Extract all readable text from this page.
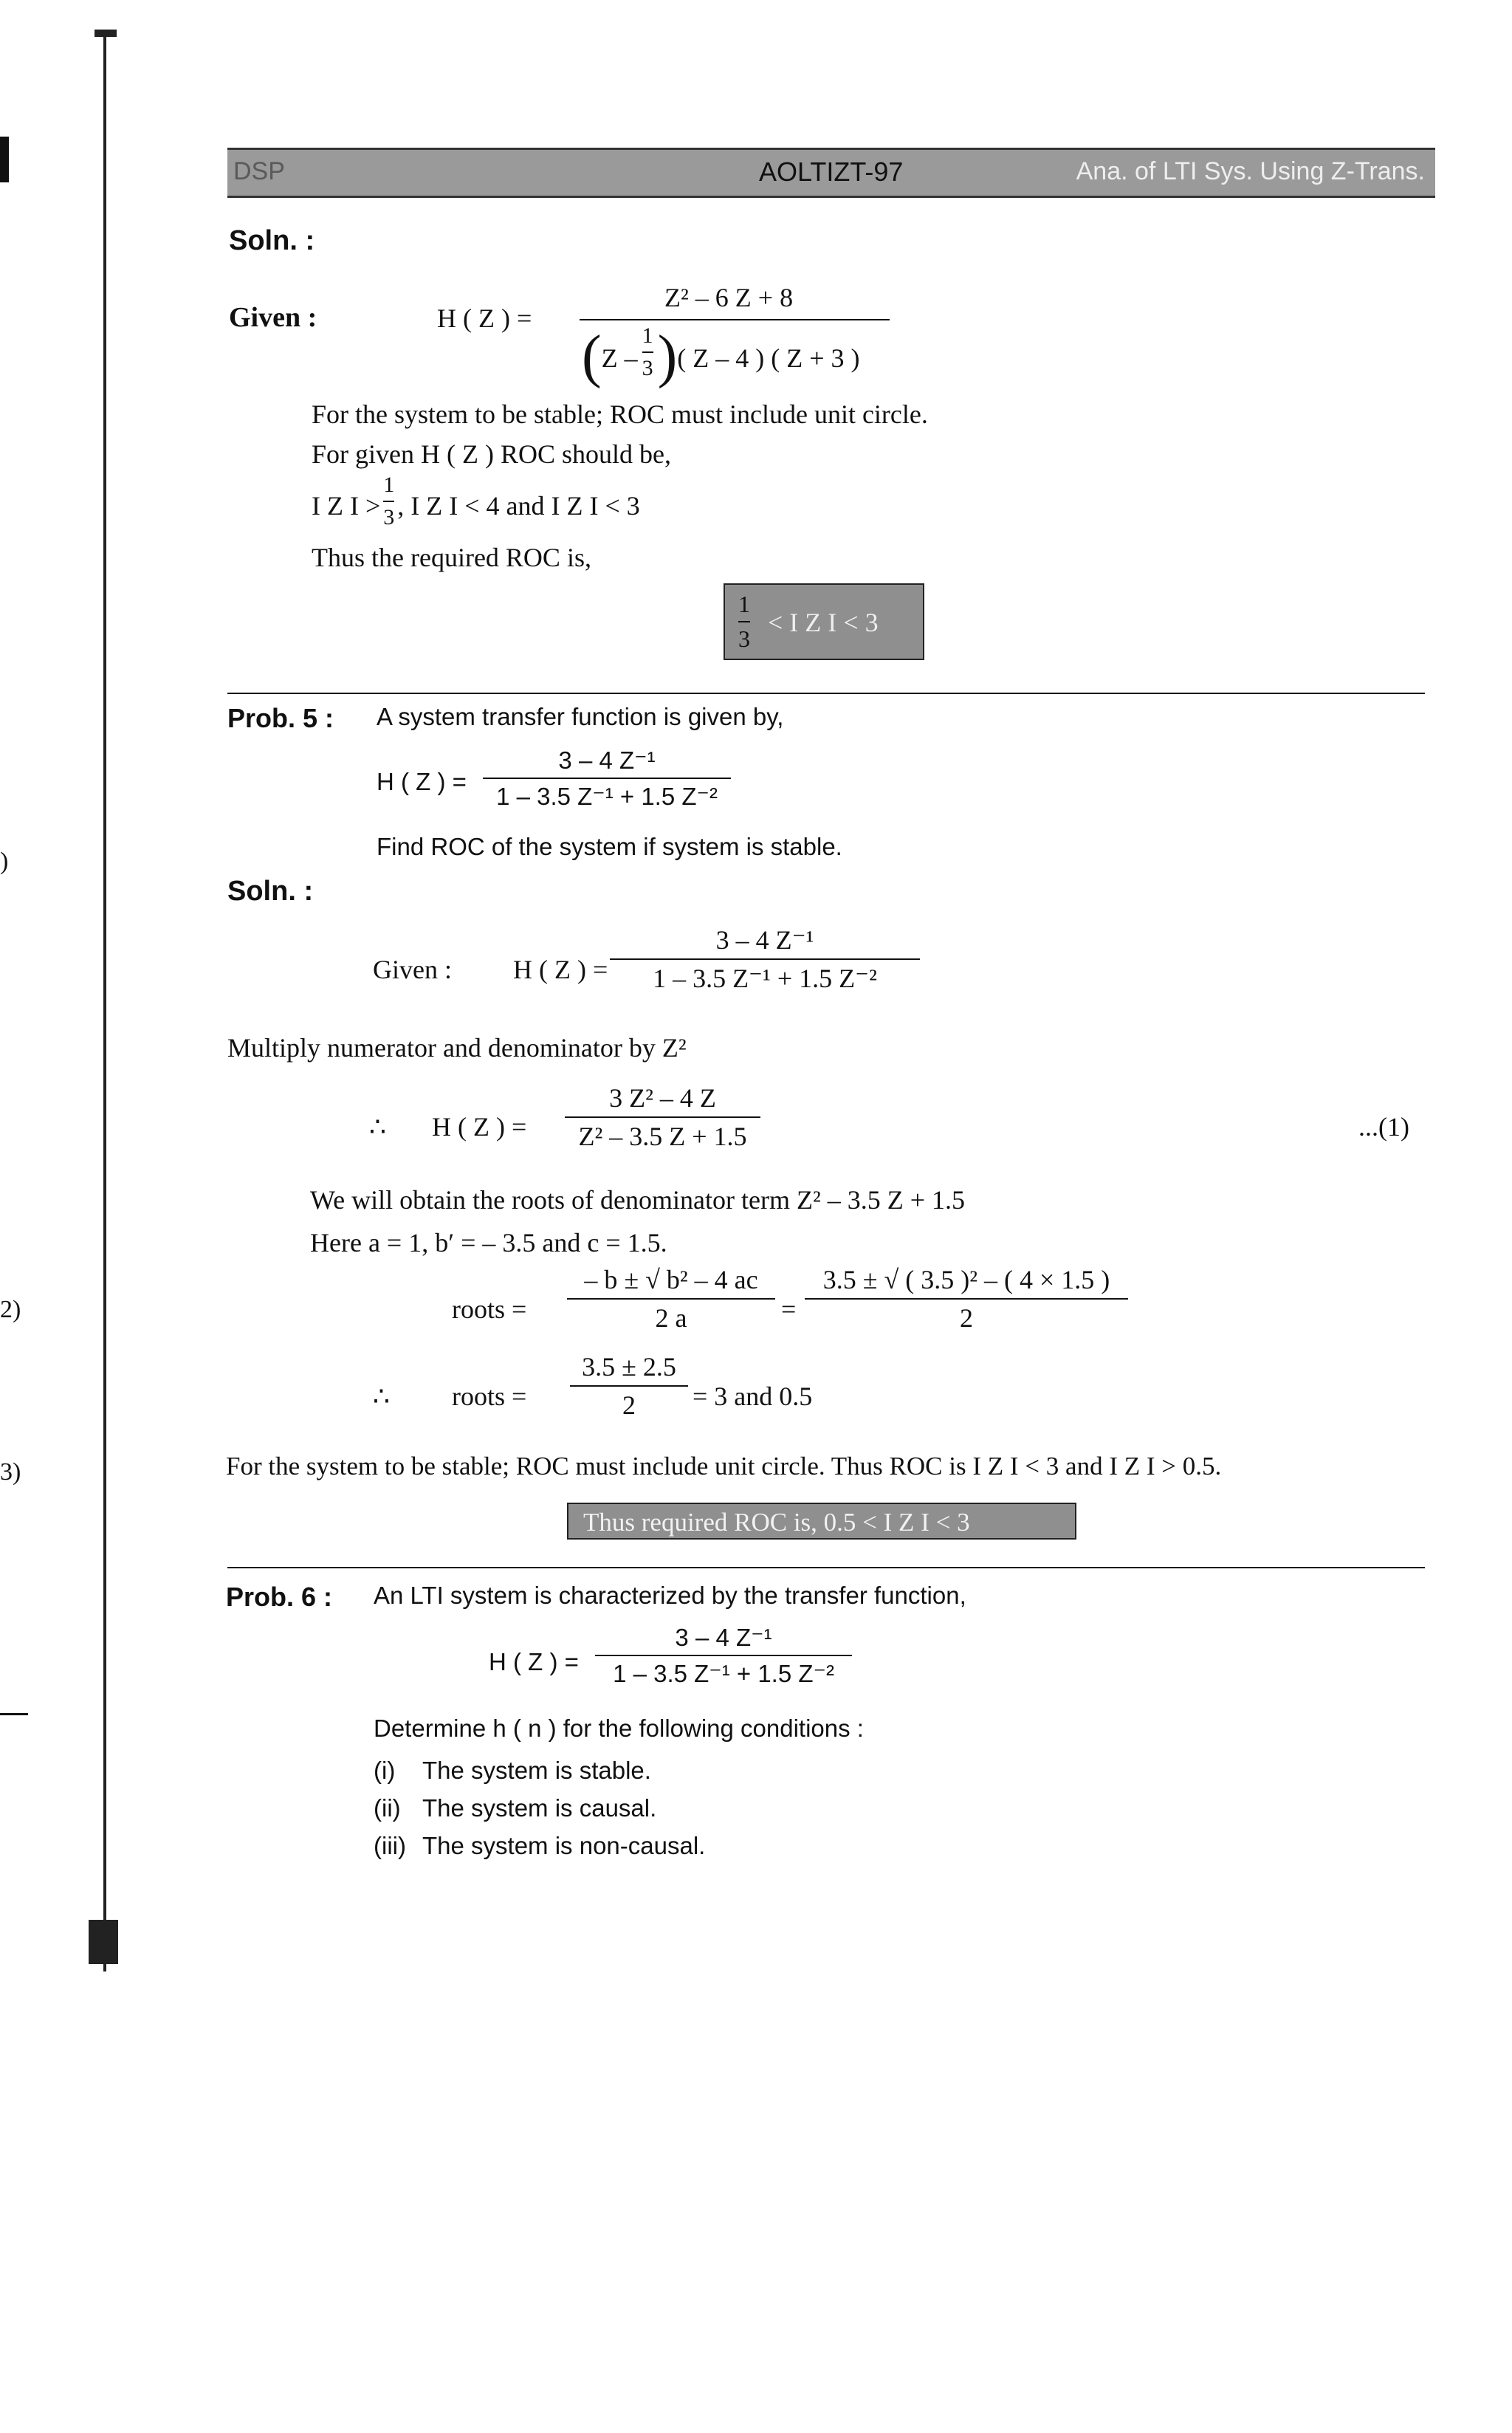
)
2)
3)
DSP	AOLTIZT-97	Ana. of LTI Sys. Using Z-Trans.
Soln. :
Given :	H ( Z ) =
Z² – 6 Z + 8
($Z - \frac{1}{3}$ )( Z – 4 ) ( Z + 3 )
For the system to be stable; ROC must include unit circle.
For given H ( Z ) ROC should be,
I Z $I > \frac{1}{3}$ , I Z I < 4 and I Z I < 3
Thus the required ROC is,
$\frac{1}{3} < I$ Z I < 3
Prob. 5 : A system transfer function is given by,
H ( Z ) = $\frac{\text{3 – 4 Z⁻¹}}{\text{1 – 3.5 Z⁻¹ + 1.5 Z⁻²}}$
Find ROC of the system if system is stable.
Soln. :
Given : H ( Z ) = $\frac{\text{3 – 4 Z⁻¹}}{\text{1 – 3.5 Z⁻¹ + 1.5 Z⁻²}}$
Multiply numerator and denominator by Z²
∴ H ( Z ) = $\frac{\text{3 Z² – 4 Z}}{\text{Z² – 3.5 Z + 1.5}}$	...(1)
We will obtain the roots of denominator term Z² – 3.5 Z + 1.5
Here a = 1, b′ = – 3.5 and c = 1.5.
roots = $\frac{\text{– b ± √ b² – 4 ac}}{2 a} = \frac{\text{3.5 ± √ ( 3.5 )² – ( 4 × 1.5 )}}{2}$
∴ roots = $\frac{3.5 \pm 2.5}{2} = 3$ and 0.5
For the system to be stable; ROC must include unit circle. Thus ROC is I Z I < 3 and I Z I > 0.5.
Thus required ROC is, 0.5 < I Z I < 3
Prob. 6 : An LTI system is characterized by the transfer function,
H ( Z ) = $\frac{\text{3 – 4 Z⁻¹}}{\text{1 – 3.5 Z⁻¹ + 1.5 Z⁻²}}$
Determine h ( n ) for the following conditions :
(i) The system is stable.
(ii) The system is causal.
(iii) The system is non-causal.
